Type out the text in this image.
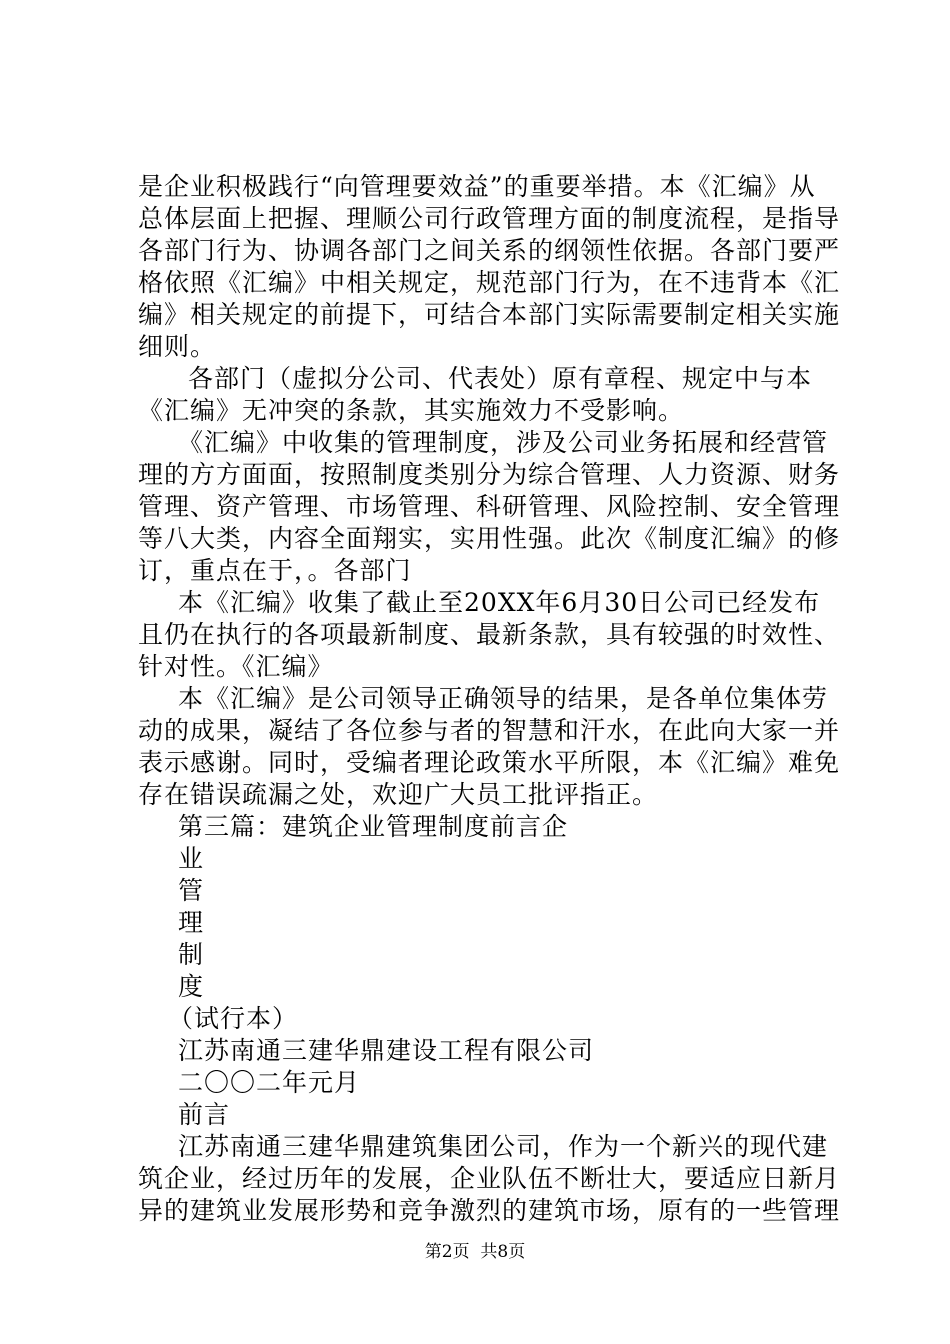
是企业积极践行“向管理要效益”的重要举措。本《汇编》从
总体层面上把握、理顺公司行政管理方面的制度流程，是指导
各部门行为、协调各部门之间关系的纲领性依据。各部门要严
格依照《汇编》中相关规定，规范部门行为，在不违背本《汇
编》相关规定的前提下，可结合本部门实际需要制定相关实施
细则。
各部门（虚拟分公司、代表处）原有章程、规定中与本
《汇编》无冲突的条款，其实施效力不受影响。
《汇编》中收集的管理制度，涉及公司业务拓展和经营管
理的方方面面，按照制度类别分为综合管理、人力资源、财务
管理、资产管理、市场管理、科研管理、风险控制、安全管理
等八大类，内容全面翔实，实用性强。此次《制度汇编》的修
订，重点在于，。各部门
本《汇编》收集了截止至20XX年6月30日公司已经发布
且仍在执行的各项最新制度、最新条款，具有较强的时效性、
针对性。《汇编》
本《汇编》是公司领导正确领导的结果，是各单位集体劳
动的成果，凝结了各位参与者的智慧和汗水，在此向大家一并
表示感谢。同时，受编者理论政策水平所限，本《汇编》难免
存在错误疏漏之处，欢迎广大员工批评指正。
第三篇：建筑企业管理制度前言企
业
管
理
制
度
（试行本）
江苏南通三建华鼎建设工程有限公司
二〇〇二年元月
前言
江苏南通三建华鼎建筑集团公司，作为一个新兴的现代建
筑企业，经过历年的发展，企业队伍不断壮大，要适应日新月
异的建筑业发展形势和竞争激烈的建筑市场，原有的一些管理
第2页  共8页
